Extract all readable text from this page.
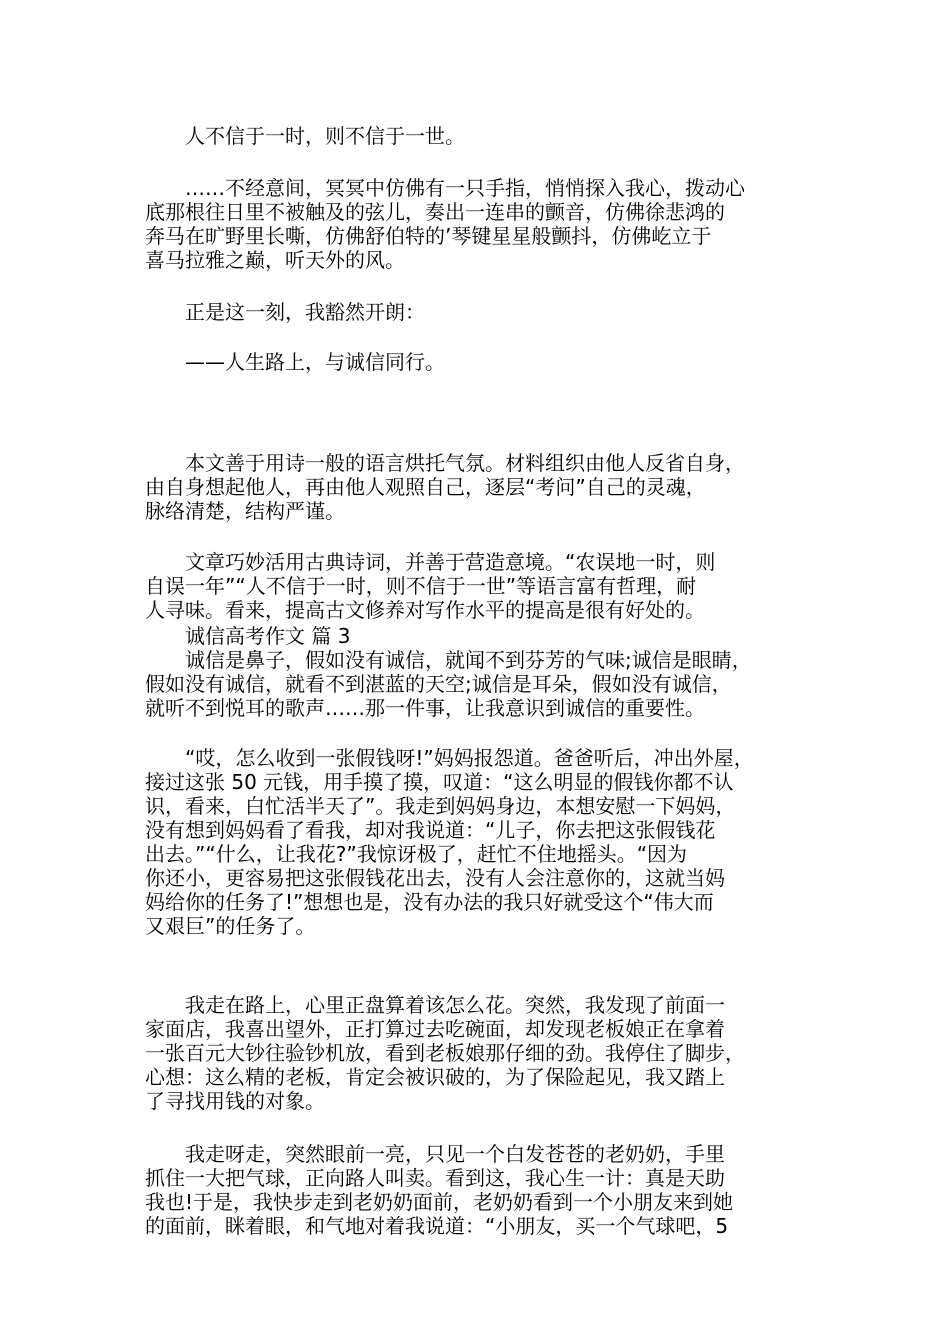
人不信于一时，则不信于一世。
……不经意间，冥冥中仿佛有一只手指，悄悄探入我心，拨动心
底那根往日里不被触及的弦儿，奏出一连串的颤音，仿佛徐悲鸿的
奔马在旷野里长嘶，仿佛舒伯特的’琴键星星般颤抖，仿佛屹立于
喜马拉雅之巅，听天外的风。
正是这一刻，我豁然开朗：
——人生路上，与诚信同行。
本文善于用诗一般的语言烘托气氛。材料组织由他人反省自身，
由自身想起他人，再由他人观照自己，逐层“考问”自己的灵魂，
脉络清楚，结构严谨。
文章巧妙活用古典诗词，并善于营造意境。“农误地一时，则
自误一年”“人不信于一时，则不信于一世”等语言富有哲理，耐
人寻味。看来，提高古文修养对写作水平的提高是很有好处的。
诚信高考作文 篇 3
诚信是鼻子，假如没有诚信，就闻不到芬芳的气味;诚信是眼睛，
假如没有诚信，就看不到湛蓝的天空;诚信是耳朵，假如没有诚信，
就听不到悦耳的歌声……那一件事，让我意识到诚信的重要性。
“哎，怎么收到一张假钱呀!”妈妈报怨道。爸爸听后，冲出外屋，
接过这张 50 元钱，用手摸了摸，叹道：“这么明显的假钱你都不认
识，看来，白忙活半天了”。我走到妈妈身边，本想安慰一下妈妈，
没有想到妈妈看了看我，却对我说道：“儿子，你去把这张假钱花
出去。”“什么，让我花?”我惊讶极了，赶忙不住地摇头。“因为
你还小，更容易把这张假钱花出去，没有人会注意你的，这就当妈
妈给你的任务了!”想想也是，没有办法的我只好就受这个“伟大而
又艰巨”的任务了。
我走在路上，心里正盘算着该怎么花。突然，我发现了前面一
家面店，我喜出望外，正打算过去吃碗面，却发现老板娘正在拿着
一张百元大钞往验钞机放，看到老板娘那仔细的劲。我停住了脚步，
心想：这么精的老板，肯定会被识破的，为了保险起见，我又踏上
了寻找用钱的对象。
我走呀走，突然眼前一亮，只见一个白发苍苍的老奶奶，手里
抓住一大把气球，正向路人叫卖。看到这，我心生一计：真是天助
我也!于是，我快步走到老奶奶面前，老奶奶看到一个小朋友来到她
的面前，眯着眼，和气地对着我说道：“小朋友，买一个气球吧，5
